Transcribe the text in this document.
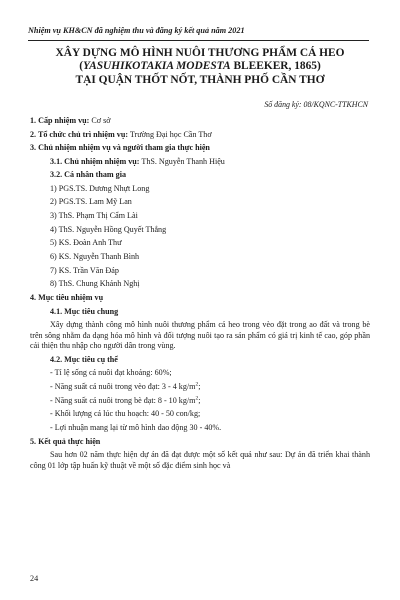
Nhiệm vụ KH&CN đã nghiệm thu và đăng ký kết quả năm 2021
XÂY DỰNG MÔ HÌNH NUÔI THƯƠNG PHẨM CÁ HEO
(YASUHIKOTAKIA MODESTA BLEEKER, 1865)
TẠI QUẬN THỐT NỐT, THÀNH PHỐ CẦN THƠ
Số đăng ký: 08/KQNC-TTKHCN
1. Cấp nhiệm vụ: Cơ sở
2. Tổ chức chủ trì nhiệm vụ: Trường Đại học Cần Thơ
3. Chủ nhiệm nhiệm vụ và người tham gia thực hiện
3.1. Chủ nhiệm nhiệm vụ: ThS. Nguyễn Thanh Hiệu
3.2. Cá nhân tham gia
1) PGS.TS. Dương Nhựt Long
2) PGS.TS. Lam Mỹ Lan
3) ThS. Phạm Thị Cẩm Lài
4) ThS. Nguyễn Hồng Quyết Thắng
5) KS. Đoàn Anh Thư
6) KS. Nguyễn Thanh Bình
7) KS. Trần Văn Đáp
8) ThS. Chung Khánh Nghị
4. Mục tiêu nhiệm vụ
4.1. Mục tiêu chung
Xây dựng thành công mô hình nuôi thương phẩm cá heo trong vèo đặt trong ao đất và trong bè trên sông nhằm đa dạng hóa mô hình và đối tượng nuôi tạo ra sản phẩm có giá trị kinh tế cao, góp phần cải thiện thu nhập cho người dân trong vùng.
4.2. Mục tiêu cụ thể
- Tỉ lệ sống cá nuôi đạt khoảng: 60%;
- Năng suất cá nuôi trong vèo đạt: 3 - 4 $kg/m^2$;
- Năng suất cá nuôi trong bè đạt: 8 - 10 $kg/m^2$;
- Khối lượng cá lúc thu hoạch: 40 - 50 con/kg;
- Lợi nhuận mang lại từ mô hình dao động 30 - 40%.
5. Kết quả thực hiện
Sau hơn 02 năm thực hiện dự án đã đạt được một số kết quả như sau: Dự án đã triển khai thành công 01 lớp tập huấn kỹ thuật về một số đặc điểm sinh học và
24
